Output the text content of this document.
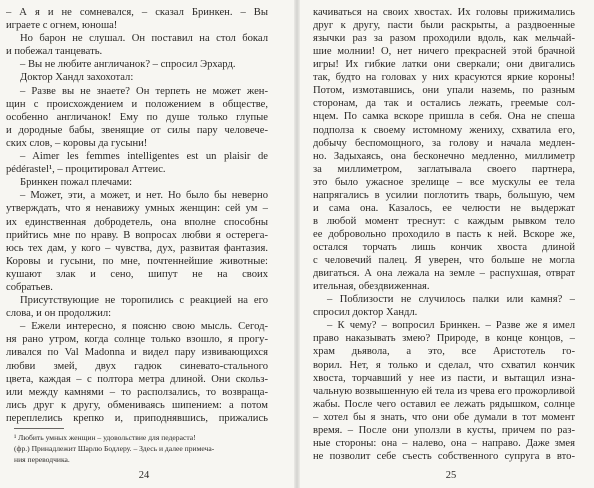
– А я и не сомневался, – сказал Бринкен. – Вы
играете с огнем, юноша!
Но барон не слушал. Он поставил на стол бокал
и побежал танцевать.
– Вы не любите англичанок? – спросил Эрхард.
Доктор Хандл захохотал:
– Разве вы не знаете? Он терпеть не может жен-
щин с происхождением и положением в обществе,
особенно англичанок! Ему по душе только глупые
и дородные бабы, звенящие от силы пару человече-
ских слов, – коровы да гусыни!
– Aimer les femmes intelligentes est un plaisir de
pédérastel¹, – процитировал Аттеис.
Бринкен пожал плечами:
– Может, эти, а может, и нет. Но было бы неверно
утверждать, что я ненавижу умных женщин: сей ум –
их единственная добродетель, она вполне способны
прийтись мне по нраву. В вопросах любви я остерега-
юсь тех дам, у кого – чувства, дух, развитая фантазия.
Коровы и гусыни, по мне, почтеннейшие животные:
кушают злак и сено, шипут не на своих
собратьев.
Присутствующие не торопились с реакцией на его
слова, и он продолжил:
– Ежели интересно, я поясню свою мысль. Сегод-
ня рано утром, когда солнце только взошло, я прогу-
ливался по Val Madonna и видел пару извивающихся
любви змей, двух гадюк синевато-стального
цвета, каждая – с полтора метра длиной. Они скольз-
или между камнями – то расползались, то возвраща-
лись друг к другу, обмениваясь шипением: а потом
переплелись крепко и, приподнявшись, прижались
¹ Любить умных женщин – удовольствие для педераста!
(фр.) Принадлежит Шарлю Бодлеру. – Здесь и далее примеча-
ния переводчика.
24
качиваться на своих хвостах. Их головы прижимались
друг к другу, пасти были раскрыты, а раздвоенные
язычки раз за разом проходили вдоль, как мельчай-
шие молнии! О, нет ничего прекрасней этой брачной
игры! Их гибкие латки они сверкали; они двигались
так, будто на головах у них красуются яркие короны!
Потом, измотавшись, они упали наземь, по разным
сторонам, да так и остались лежать, греемые сол-
нцем. По самка вскоре пришла в себя. Она не спеша
подполза к своему истомному жениху, схватила его,
добычу беспомощного, за голову и начала медлен-
но. Задыхаясь, она бесконечно медленно, миллиметр
за миллиметром, заглатывала своего партнера,
это было ужасное зрелище – все мускулы ее тела
напрягались в усилии поглотить тварь, большую, чем
и сама она. Казалось, ее челюсти не выдержат
в любой момент треснут: с каждым рывком тело
ее добровольно проходило в пасть к ней. Вскоре же,
остался торчать лишь кончик хвоста длиной
с человечий палец. Я уверен, что больше не могла
двигаться. А она лежала на земле – распухшая, отврат
ительная, обездвиженная.
– Поблизости не случилось палки или камня? –
спросил доктор Хандл.
– К чему? – вопросил Бринкен. – Разве же я имел
право наказывать змею? Природе, в конце концов, –
храм дьявола, а это, все Аристотель го-
ворил. Нет, я только и сделал, что схватил кончик
хвоста, торчавший у нее из пасти, и вытащил изна-
чальную возвышенную ей тела из чрева его прожорливой
жабы. После чего оставил ее лежать рядышком, солнце
– хотел бы я знать, что они обе думали в тот момент
время. – После они уползли в кусты, причем по раз-
ные стороны: она – налево, она – направо. Даже змея
не позволит себе съесть собственного супруга в вто-
25
